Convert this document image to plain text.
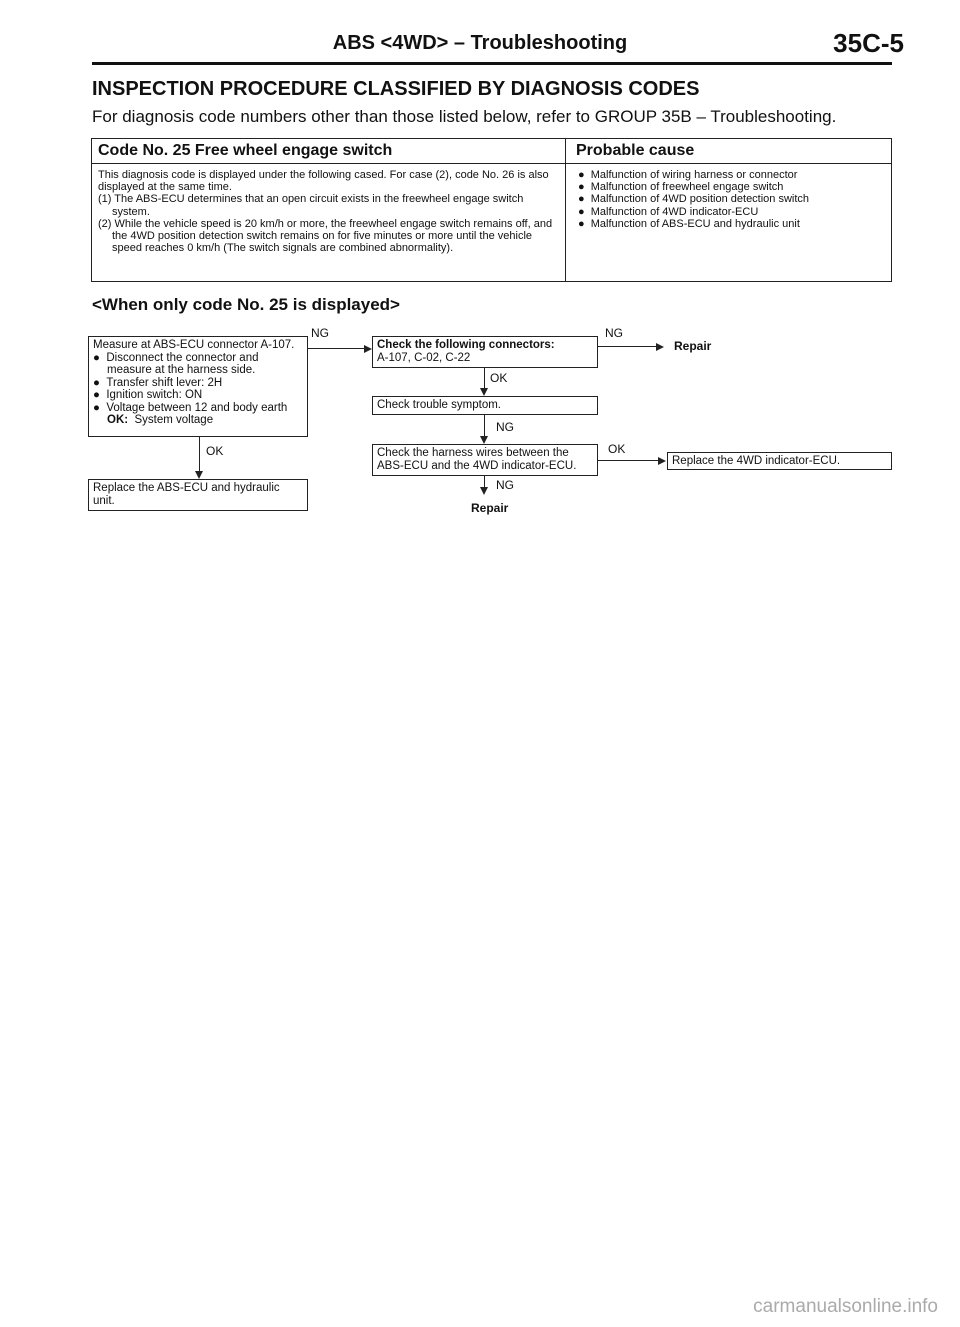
ABS <4WD> – Troubleshooting	35C-5
INSPECTION PROCEDURE CLASSIFIED BY DIAGNOSIS CODES
For diagnosis code numbers other than those listed below, refer to GROUP 35B – Troubleshooting.
Code No. 25 Free wheel engage switch	Probable cause

This diagnosis code is displayed under the following cased. For case (2), code No. 26 is also displayed at the same time.

(1) The ABS-ECU determines that an open circuit exists in the freewheel engage switch system.

(2) While the vehicle speed is 20 km/h or more, the freewheel engage switch remains off, and the 4WD position detection switch remains on for five minutes or more until the vehicle speed reaches 0 km/h (The switch signals are combined abnormality).

●  Malfunction of wiring harness or connector
●  Malfunction of freewheel engage switch
●  Malfunction of 4WD position detection switch
●  Malfunction of 4WD indicator-ECU
●  Malfunction of ABS-ECU and hydraulic unit
<When only code No. 25 is displayed>
Measure at ABS-ECU connector A-107.
●  Disconnect the connector and measure at the harness side.
●  Transfer shift lever: 2H
●  Ignition switch: ON
●  Voltage between 12 and body earth
OK: System voltage
NG
Check the following connectors:
A-107, C-02, C-22
NG
Repair
OK
Check trouble symptom.
NG
Check the harness wires between the ABS-ECU and the 4WD indicator-ECU.
OK
Replace the 4WD indicator-ECU.
NG
Repair
OK
Replace the ABS-ECU and hydraulic unit.
carmanualsonline.info
